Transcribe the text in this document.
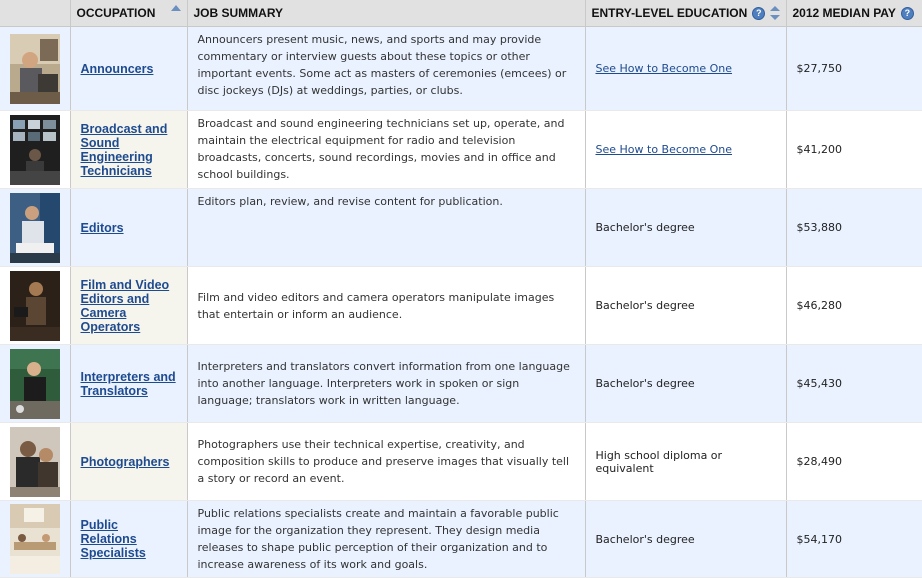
	OCCUPATION	JOB SUMMARY	ENTRY-LEVEL EDUCATION ?	2012 MEDIAN PAY ?

Announcers	Announcers present music, news, and sports and may provide commentary or interview guests about these topics or other important events. Some act as masters of ceremonies (emcees) or disc jockeys (DJs) at weddings, parties, or clubs.	See How to Become One	$27,750

Broadcast and Sound Engineering Technicians	Broadcast and sound engineering technicians set up, operate, and maintain the electrical equipment for radio and television broadcasts, concerts, sound recordings, movies and in office and school buildings.	See How to Become One	$41,200

Editors	Editors plan, review, and revise content for publication.	Bachelor's degree	$53,880

Film and Video Editors and Camera Operators	Film and video editors and camera operators manipulate images that entertain or inform an audience.	Bachelor's degree	$46,280

Interpreters and Translators	Interpreters and translators convert information from one language into another language. Interpreters work in spoken or sign language; translators work in written language.	Bachelor's degree	$45,430

Photographers	Photographers use their technical expertise, creativity, and composition skills to produce and preserve images that visually tell a story or record an event.	High school diploma or equivalent	$28,490

Public Relations Specialists	Public relations specialists create and maintain a favorable public image for the organization they represent. They design media releases to shape public perception of their organization and to increase awareness of its work and goals.	Bachelor's degree	$54,170
